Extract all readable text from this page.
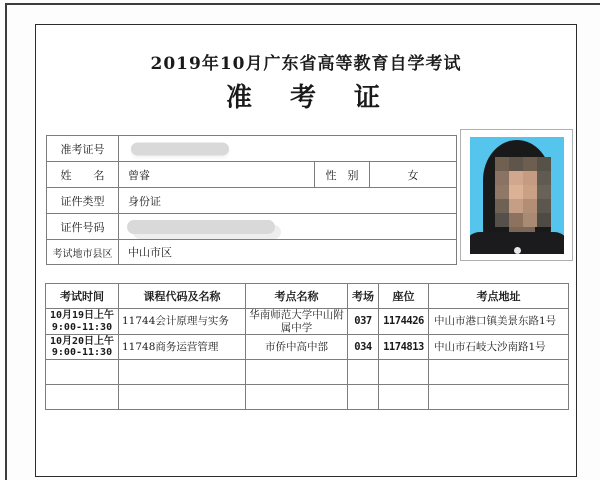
2019年10月广东省高等教育自学考试
准　考　证
准考证号			

姓　　名	曾睿	性　别	女
证件类型	身份证		
证件号码			

考试地市县区	中山市区		
考试时间	课程代码及名称	考点名称	考场	座位	考点地址
10月19日上午
9:00-11:30	11744会计原理与实务	华南师范大学中山附属中学	037	1174426	中山市港口镇美景东路1号
10月20日上午
9:00-11:30	11748商务运营管理	市侨中高中部	034	1174813	中山市石岐大沙南路1号
